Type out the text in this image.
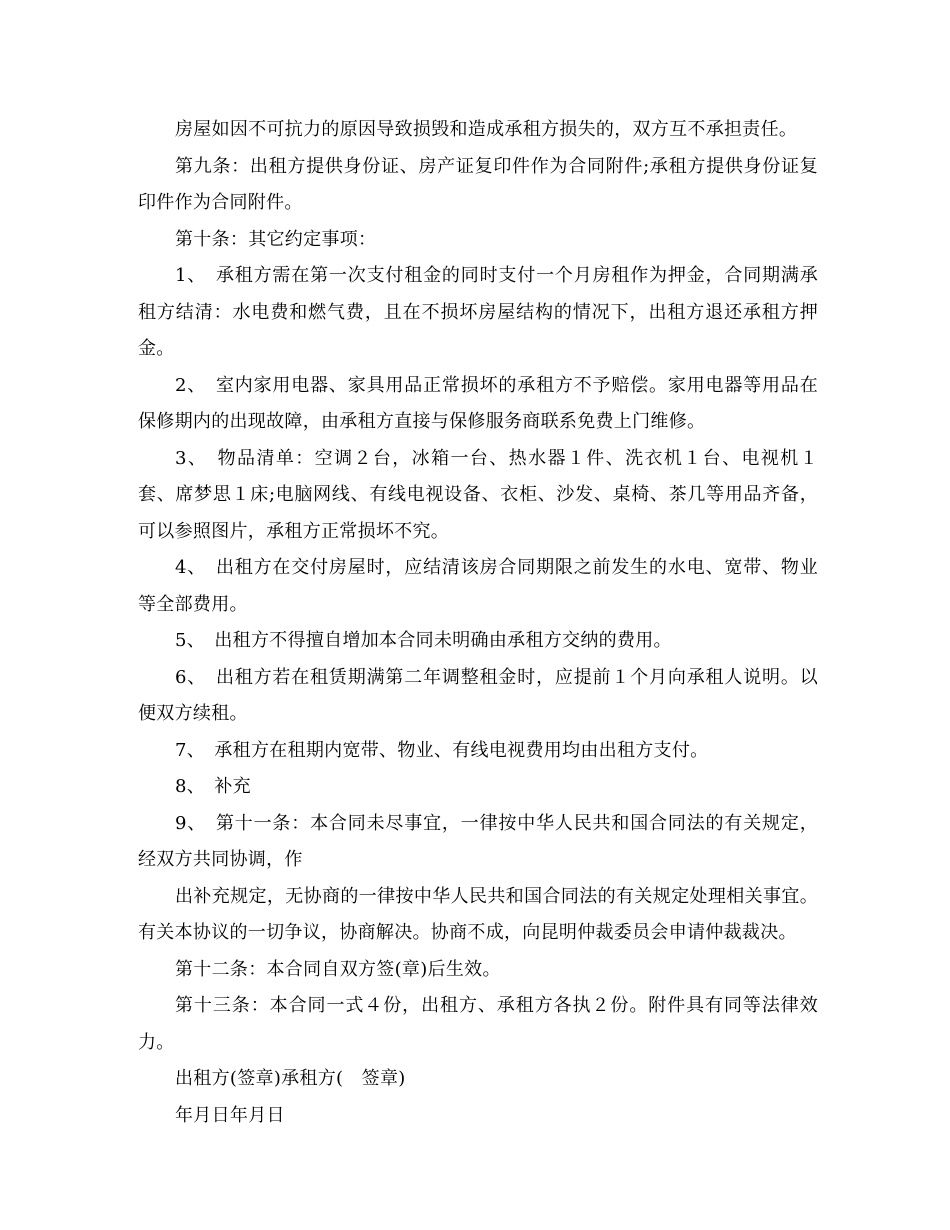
房屋如因不可抗力的原因导致损毁和造成承租方损失的，双方互不承担责任。

第九条：出租方提供身份证、房产证复印件作为合同附件;承租方提供身份证复印件作为合同附件。

第十条：其它约定事项：

1、　承租方需在第一次支付租金的同时支付一个月房租作为押金，合同期满承租方结清：水电费和燃气费，且在不损坏房屋结构的情况下，出租方退还承租方押金。

2、　室内家用电器、家具用品正常损坏的承租方不予赔偿。家用电器等用品在保修期内的出现故障，由承租方直接与保修服务商联系免费上门维修。

3、　物品清单：空调２台，冰箱一台、热水器１件、洗衣机１台、电视机１套、席梦思１床;电脑网线、有线电视设备、衣柜、沙发、桌椅、茶几等用品齐备，可以参照图片，承租方正常损坏不究。

4、　出租方在交付房屋时，应结清该房合同期限之前发生的水电、宽带、物业等全部费用。

5、　出租方不得擅自增加本合同未明确由承租方交纳的费用。

6、　出租方若在租赁期满第二年调整租金时，应提前１个月向承租人说明。以便双方续租。

7、　承租方在租期内宽带、物业、有线电视费用均由出租方支付。

8、　补充

9、　第十一条：本合同未尽事宜，一律按中华人民共和国合同法的有关规定，经双方共同协调，作

出补充规定，无协商的一律按中华人民共和国合同法的有关规定处理相关事宜。有关本协议的一切争议，协商解决。协商不成，向昆明仲裁委员会申请仲裁裁决。

第十二条：本合同自双方签(章)后生效。

第十三条：本合同一式４份，出租方、承租方各执２份。附件具有同等法律效力。

出租方(签章)承租方(　签章)

年月日年月日
